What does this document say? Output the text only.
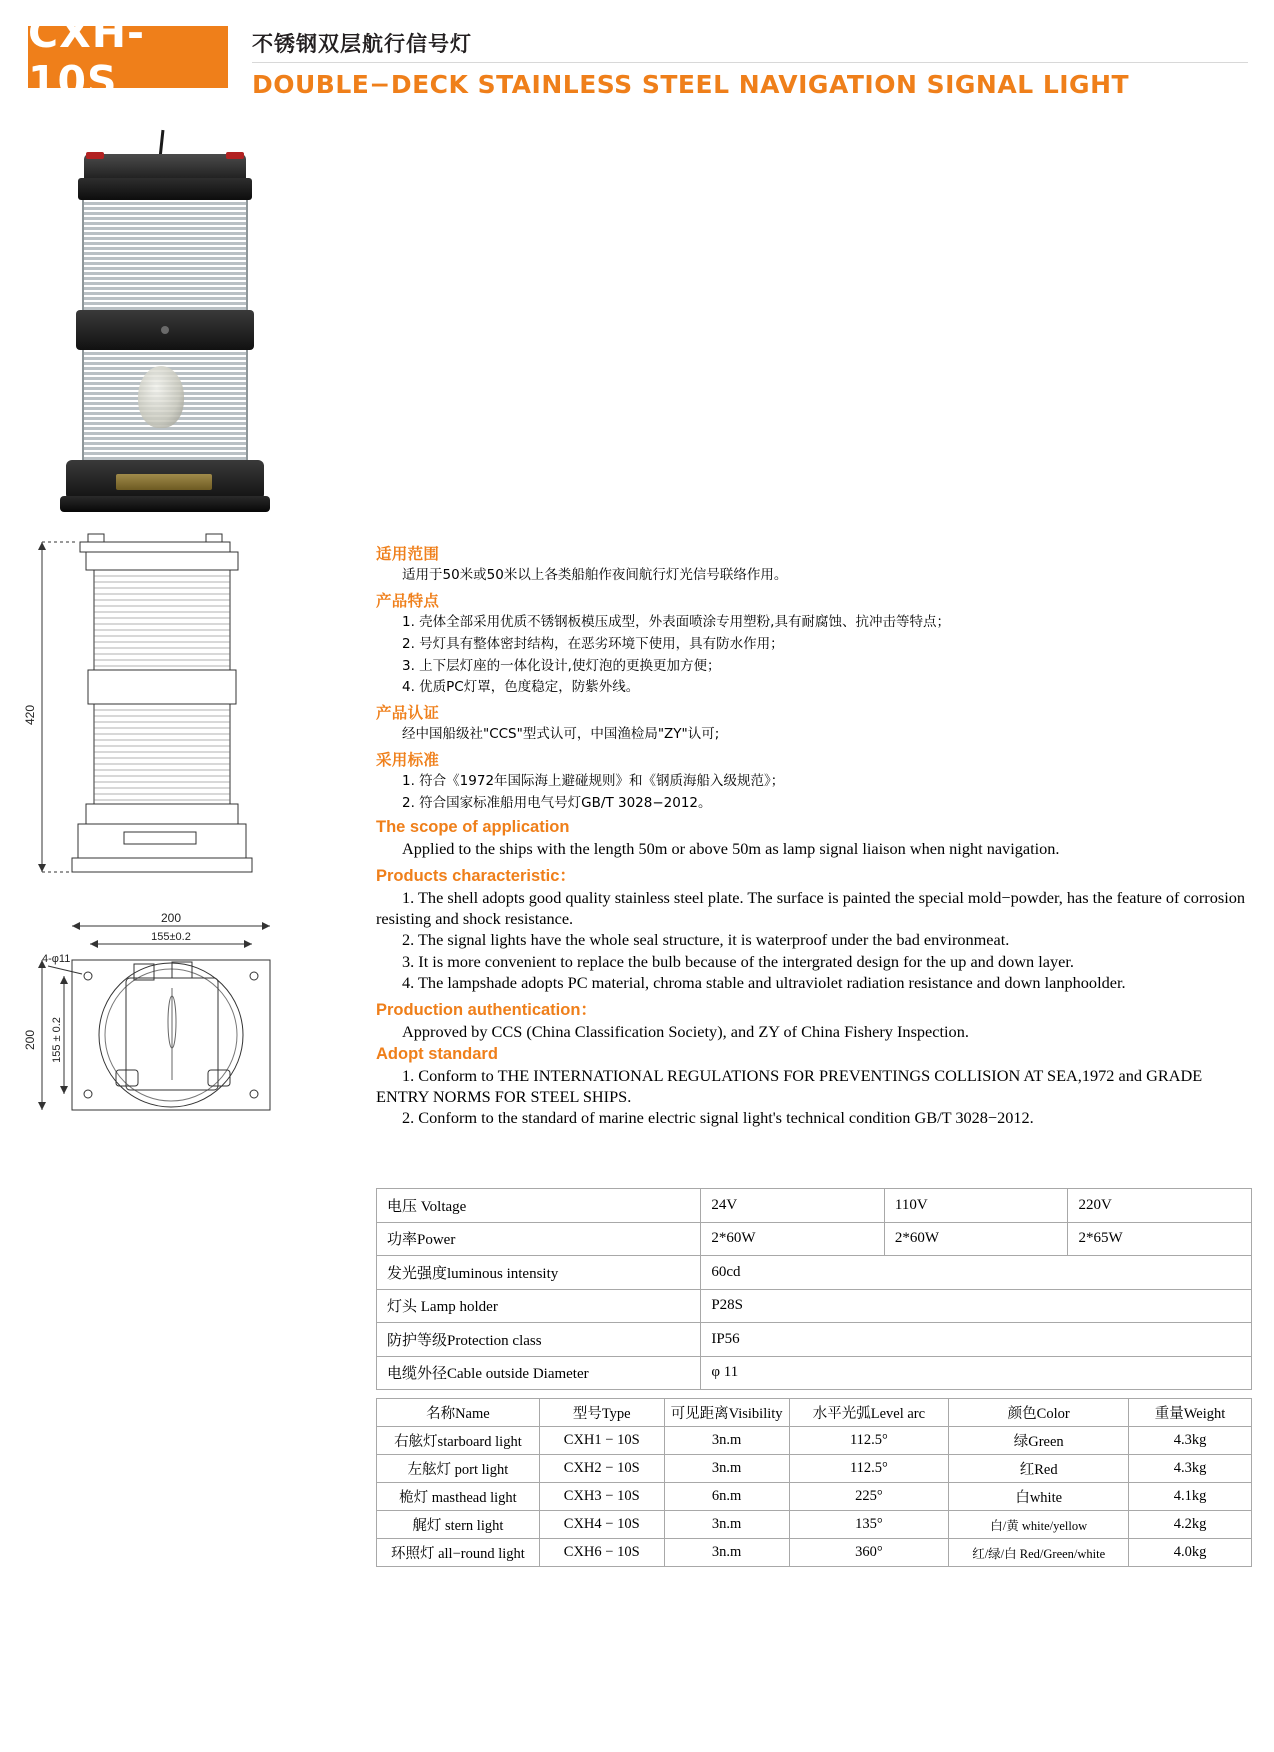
CXH-10S
不锈钢双层航行信号灯
DOUBLE−DECK STAINLESS STEEL NAVIGATION SIGNAL LIGHT
420
200
155±0.2
4-φ11
200 155 ± 0.2
适用范围
适用于50米或50米以上各类船舶作夜间航行灯光信号联络作用。
产品特点
1. 壳体全部采用优质不锈钢板模压成型，外表面喷涂专用塑粉,具有耐腐蚀、抗冲击等特点；
2. 号灯具有整体密封结构，在恶劣环境下使用，具有防水作用；
3. 上下层灯座的一体化设计,使灯泡的更换更加方便；
4. 优质PC灯罩，色度稳定，防紫外线。
产品认证
经中国船级社"CCS"型式认可，中国渔检局"ZY"认可;
采用标准
1. 符合《1972年国际海上避碰规则》和《钢质海船入级规范》；
2. 符合国家标准船用电气号灯GB/T 3028−2012。
The scope of application

Applied to the ships with the length 50m or above 50m as lamp signal liaison when night navigation.

Products characteristic：

1. The shell adopts good quality stainless steel plate. The surface is painted the special mold−powder, has the feature of corrosion resisting and shock resistance.

2. The signal lights have the whole seal structure, it is waterproof under the bad environmeat.

3. It is more convenient to replace the bulb because of the intergrated design for the up and down layer.

4. The lampshade adopts PC material, chroma stable and ultraviolet radiation resistance and down lanphoolder.

Production authentication：

Approved by CCS (China Classification Society), and ZY of China Fishery Inspection.

Adopt standard

1. Conform to THE INTERNATIONAL REGULATIONS FOR PREVENTINGS COLLISION AT SEA,1972 and GRADE ENTRY NORMS FOR STEEL SHIPS.

2. Conform to the standard of marine electric signal light's technical condition GB/T 3028−2012.

电压 Voltage	24V	110V	220V
功率Power	2*60W	2*60W	2*65W
发光强度luminous intensity	60cd		
灯头 Lamp holder	P28S		
防护等级Protection class	IP56		
电缆外径Cable outside Diameter	φ 11		
名称Name	型号Type	可见距离Visibility	水平光弧Level arc	颜色Color	重量Weight
右舷灯starboard light	CXH1 − 10S	3n.m	112.5°	绿Green	4.3kg
左舷灯 port light	CXH2 − 10S	3n.m	112.5°	红Red	4.3kg
桅灯 masthead light	CXH3 − 10S	6n.m	225°	白white	4.1kg
艉灯 stern light	CXH4 − 10S	3n.m	135°	白/黄 white/yellow	4.2kg
环照灯 all−round light	CXH6 − 10S	3n.m	360°	红/绿/白 Red/Green/white	4.0kg
